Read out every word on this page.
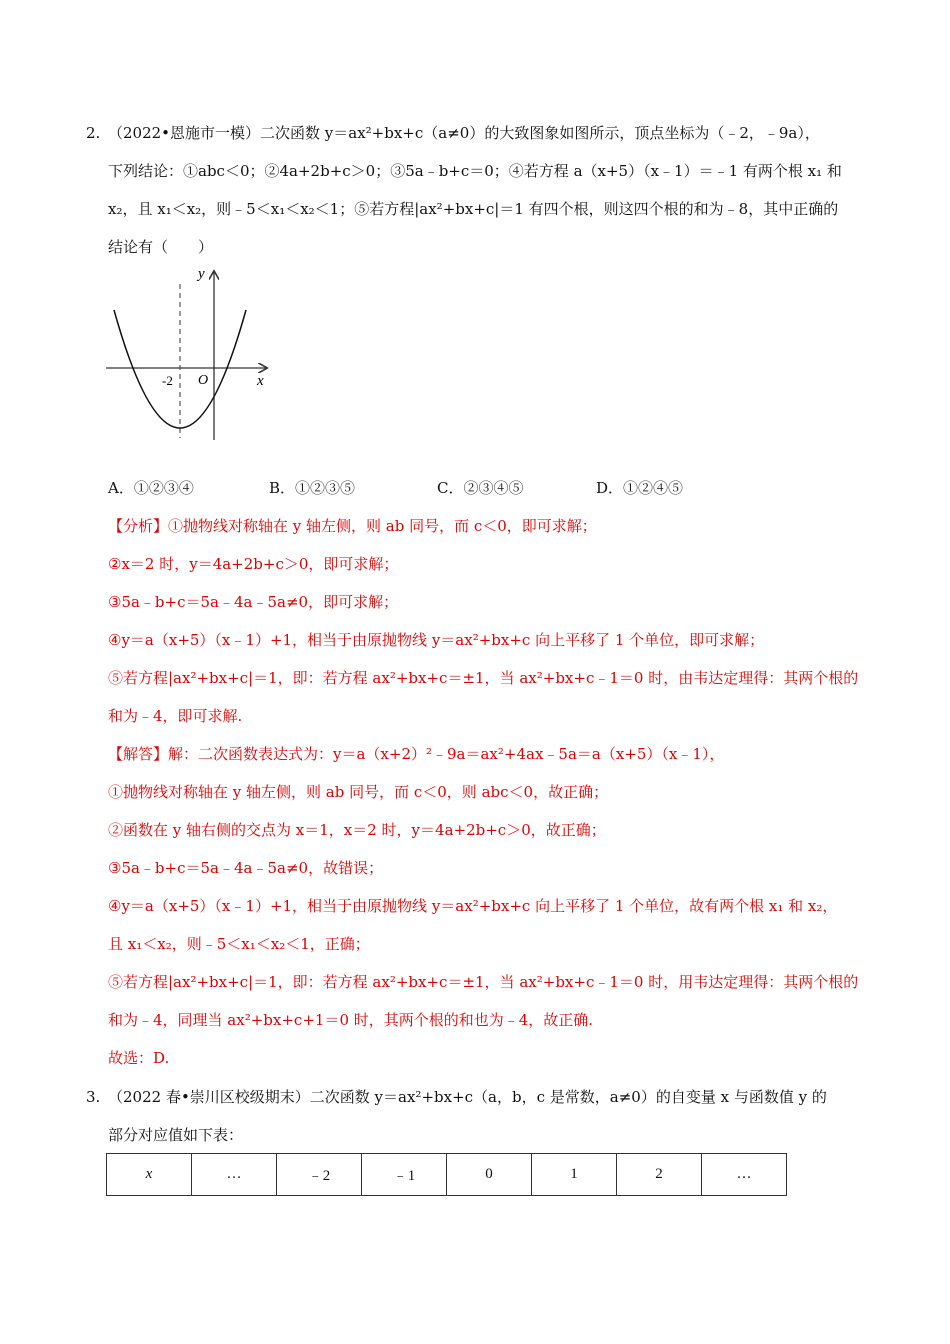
2. （2022•恩施市一模）二次函数 y＝ax²+bx+c（a≠0）的大致图象如图所示，顶点坐标为（﹣2，﹣9a），
下列结论：①abc＜0；②4a+2b+c＞0；③5a﹣b+c＝0；④若方程 a（x+5）（x﹣1）＝﹣1 有两个根 x₁ 和
x₂，且 x₁＜x₂，则﹣5＜x₁＜x₂＜1；⑤若方程|ax²+bx+c|＝1 有四个根，则这四个根的和为﹣8，其中正确的
结论有（　　）
y
x
O
-2
A．①②③④	B．①②③⑤	C．②③④⑤	D．①②④⑤
【分析】①抛物线对称轴在 y 轴左侧，则 ab 同号，而 c＜0，即可求解；
②x＝2 时，y＝4a+2b+c＞0，即可求解；
③5a﹣b+c＝5a﹣4a﹣5a≠0，即可求解；
④y＝a（x+5）（x﹣1）+1，相当于由原抛物线 y＝ax²+bx+c 向上平移了 1 个单位，即可求解；
⑤若方程|ax²+bx+c|＝1，即：若方程 ax²+bx+c＝±1，当 ax²+bx+c﹣1＝0 时，由韦达定理得：其两个根的
和为﹣4，即可求解.
【解答】解：二次函数表达式为：y＝a（x+2）²﹣9a＝ax²+4ax﹣5a＝a（x+5）（x﹣1），
①抛物线对称轴在 y 轴左侧，则 ab 同号，而 c＜0，则 abc＜0，故正确；
②函数在 y 轴右侧的交点为 x＝1，x＝2 时，y＝4a+2b+c＞0，故正确；
③5a﹣b+c＝5a﹣4a﹣5a≠0，故错误；
④y＝a（x+5）（x﹣1）+1，相当于由原抛物线 y＝ax²+bx+c 向上平移了 1 个单位，故有两个根 x₁ 和 x₂，
且 x₁＜x₂，则﹣5＜x₁＜x₂＜1，正确；
⑤若方程|ax²+bx+c|＝1，即：若方程 ax²+bx+c＝±1，当 ax²+bx+c﹣1＝0 时，用韦达定理得：其两个根的
和为﹣4，同理当 ax²+bx+c+1＝0 时，其两个根的和也为﹣4，故正确.
故选：D.
3. （2022 春•崇川区校级期末）二次函数 y＝ax²+bx+c（a，b，c 是常数，a≠0）的自变量 x 与函数值 y 的
部分对应值如下表：
x	…	﹣2	﹣1	0	1	2	…
